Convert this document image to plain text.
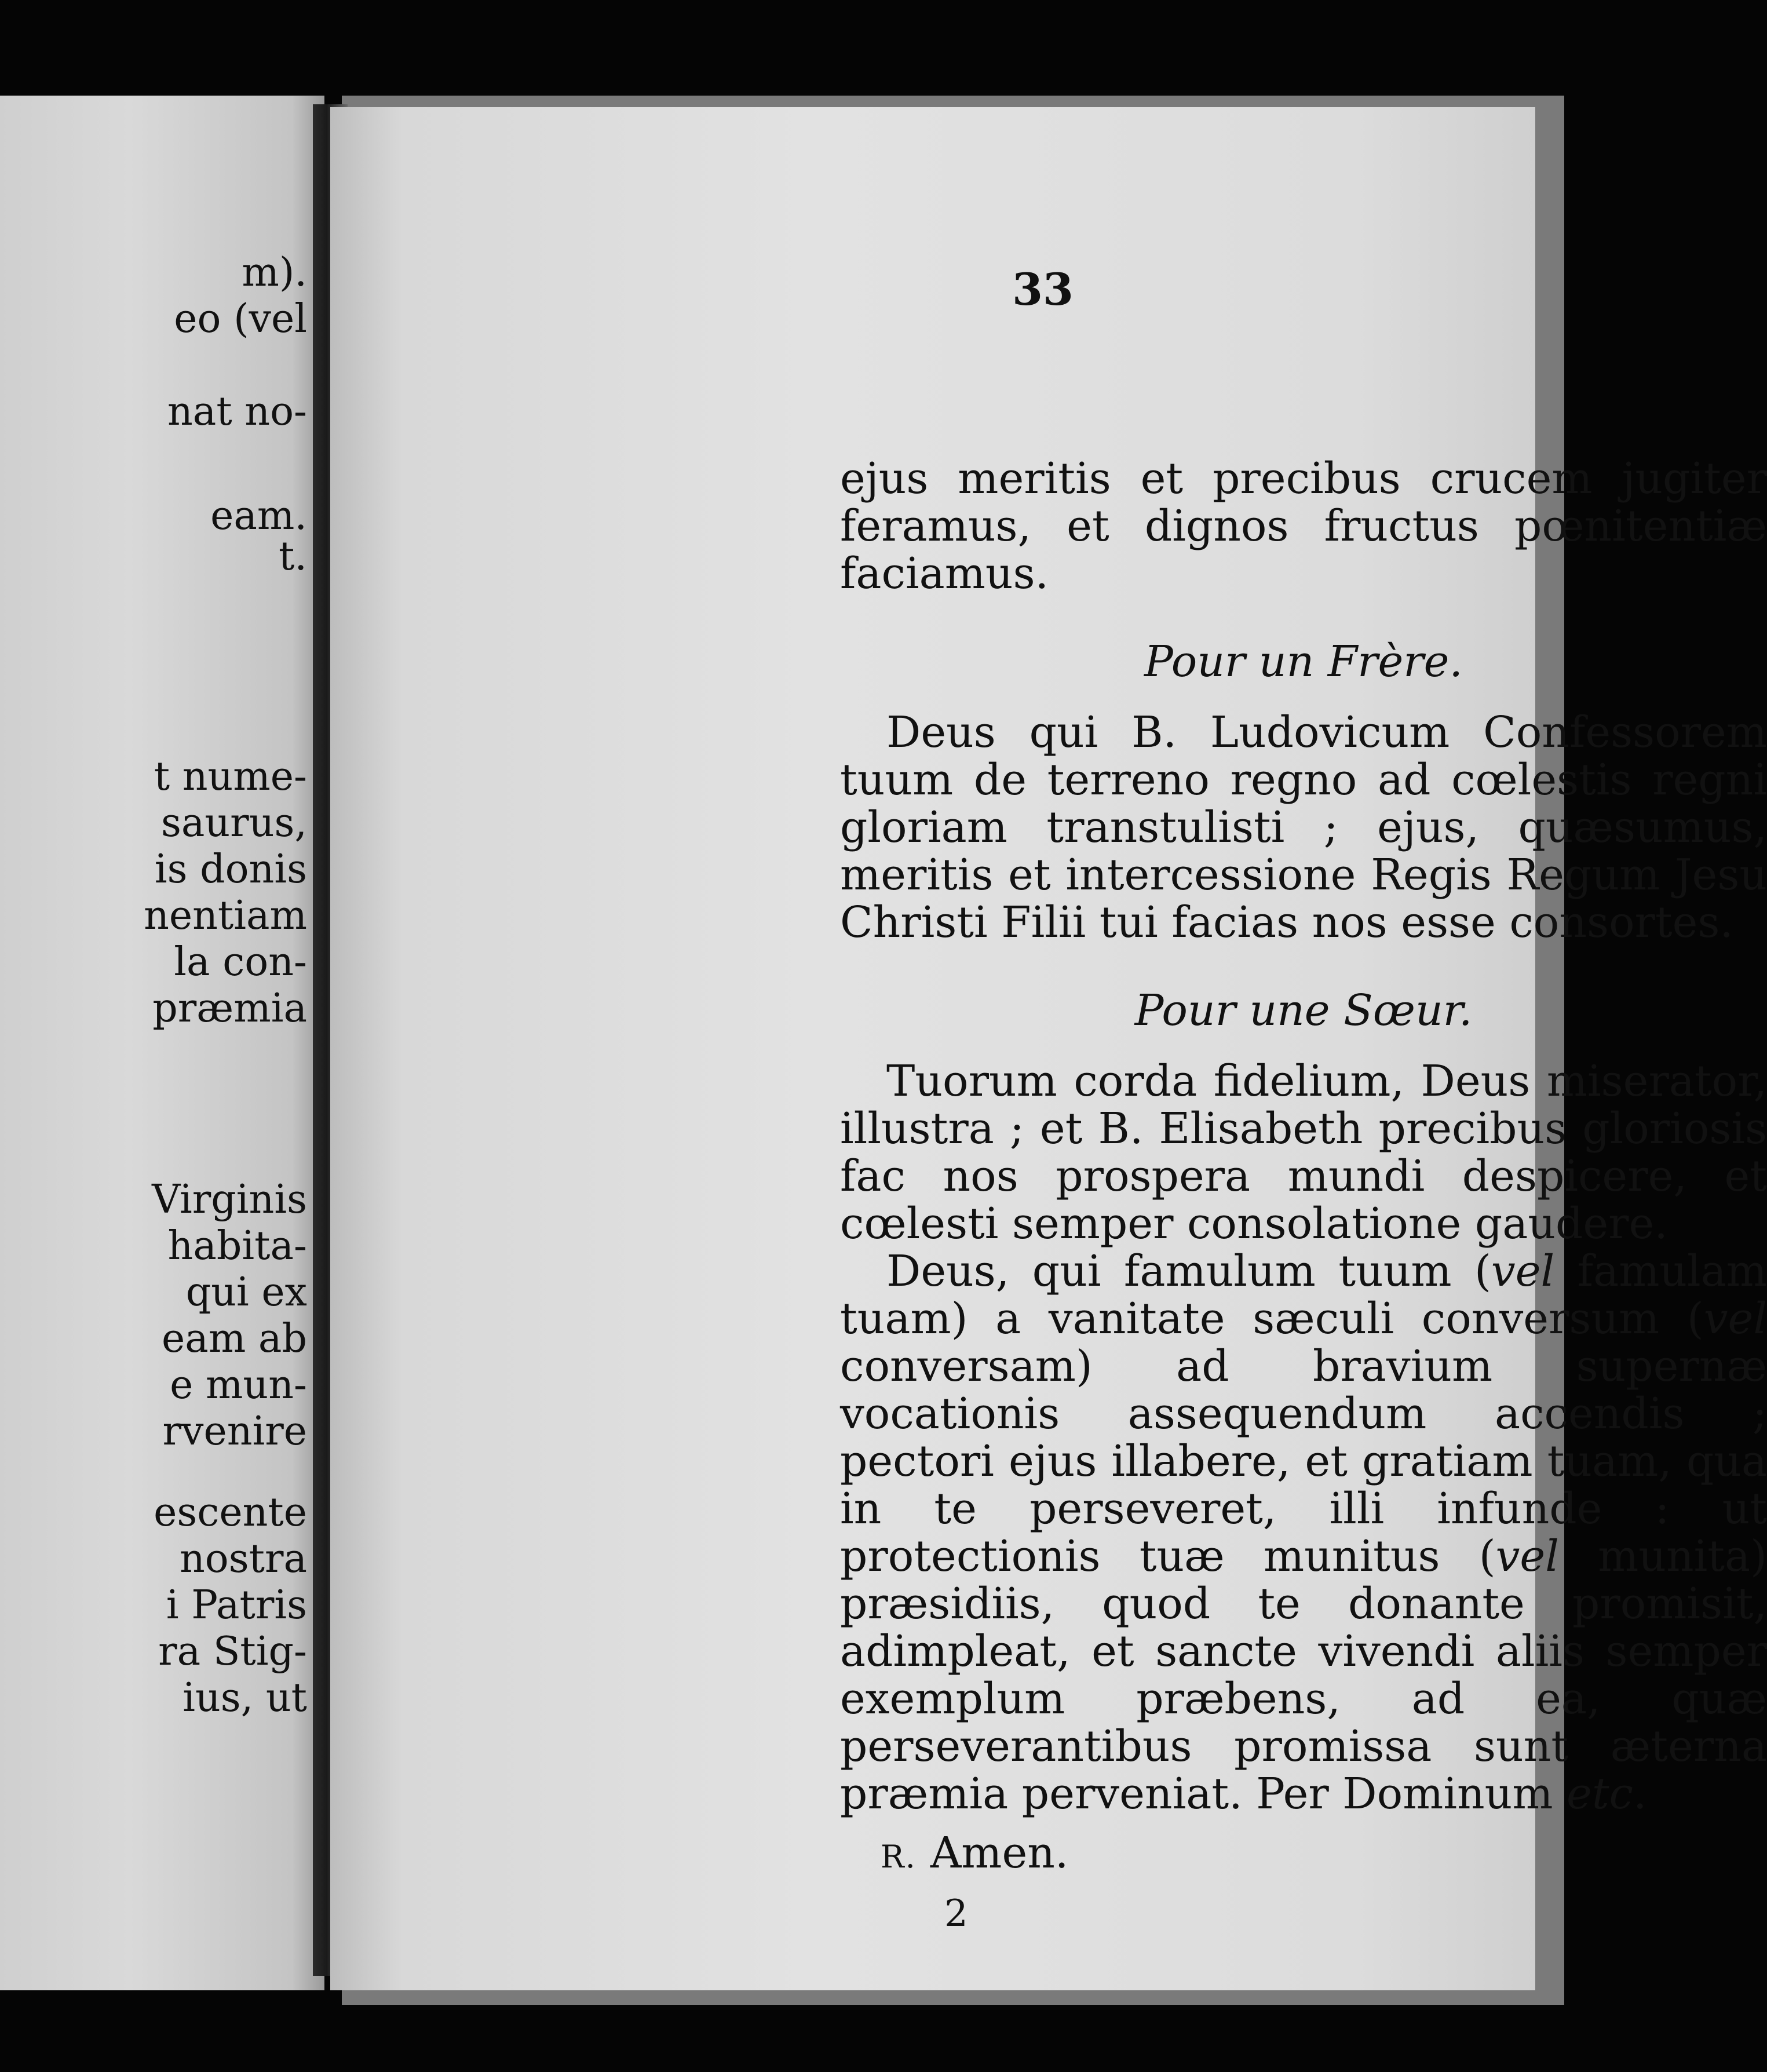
m).
eo (vel
nat no-
eam.
t.
t nume-
saurus,
is donis
nentiam
la con-
præmia
Virginis
habita-
qui ex
eam ab
e mun-
rvenire
escente
nostra
i Patris
ra Stig-
ius, ut
33

ejus meritis et precibus crucem jugiter feramus, et dignos fructus pœnitentiæ faciamus.

Pour un Frère.

Deus qui B. Ludovicum Confessorem tuum de terreno regno ad cœlestis regni gloriam transtulisti ; ejus, quæsumus, meritis et intercessione Regis Regum Jesu Christi Filii tui facias nos esse consortes.

Pour une Sœur.

Tuorum corda fidelium, Deus miserator, illustra ; et B. Elisabeth precibus gloriosis fac nos prospera mundi despicere, et cœlesti semper consolatione gaudere.

Deus, qui famulum tuum (vel famulam tuam) a vanitate sæculi conversum (vel conversam) ad bravium supernæ vocationis assequendum accendis ; pectori ejus illabere, et gratiam tuam, qua in te perseveret, illi infunde : ut protectionis tuæ munitus (vel munita) præsidiis, quod te donante promisit, adimpleat, et sancte vivendi aliis semper exemplum præbens, ad ea, quæ perseverantibus promissa sunt æterna præmia perveniat. Per Dominum etc.

R. Amen.
2
